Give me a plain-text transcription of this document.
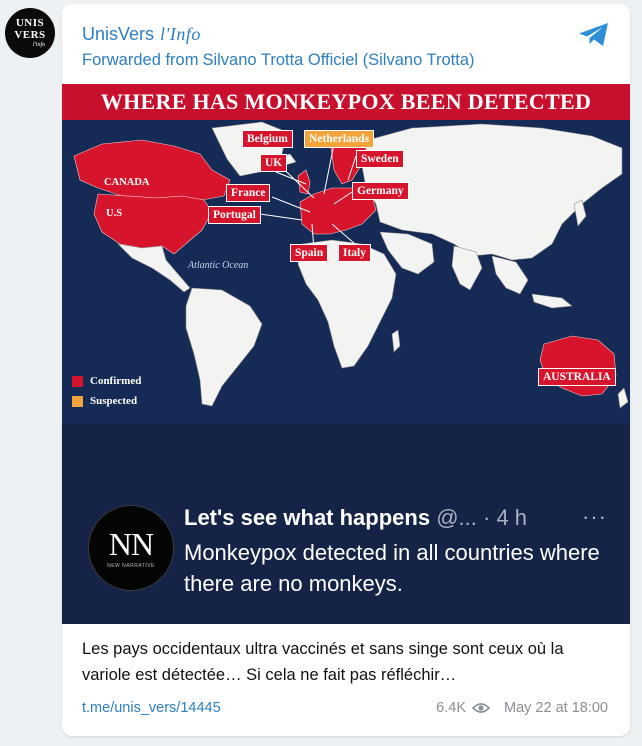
UNIS
VERS
l'info
UnisVers l'Info
Forwarded from Silvano Trotta Officiel (Silvano Trotta)
WHERE HAS MONKEYPOX BEEN DETECTED
Belgium	Netherlands
UK	Sweden
France	Germany
Portugal
Spain	Italy
AUSTRALIA
CANADA
U.S
Atlantic Ocean
Confirmed
Suspected
NN
NEW NARRATIVE
Let's see what happens @... · 4 h ···
Monkeypox detected in all countries where there are no monkeys.
Les pays occidentaux ultra vaccinés et sans singe sont ceux où la variole est détectée… Si cela ne fait pas réfléchir…
t.me/unis_vers/14445	6.4K	May 22 at 18:00
